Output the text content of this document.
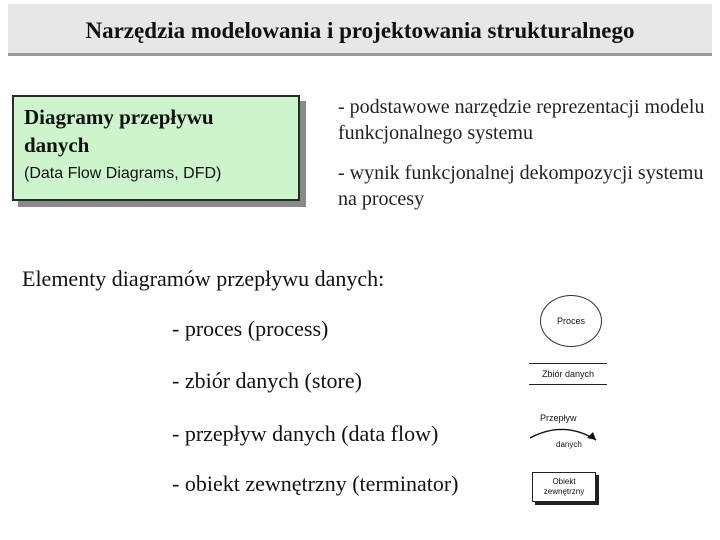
Narzędzia modelowania i projektowania strukturalnego
Diagramy przepływu danych
(Data Flow Diagrams, DFD)
- podstawowe narzędzie reprezentacji modelu funkcjonalnego systemu
- wynik funkcjonalnej dekompozycji systemu na procesy
Elementy diagramów przepływu danych:
- proces (process)
- zbiór danych (store)
- przepływ danych (data flow)
- obiekt zewnętrzny (terminator)
Proces
Zbiór danych
Przepływ
danych
Obiekt zewnętrzny
